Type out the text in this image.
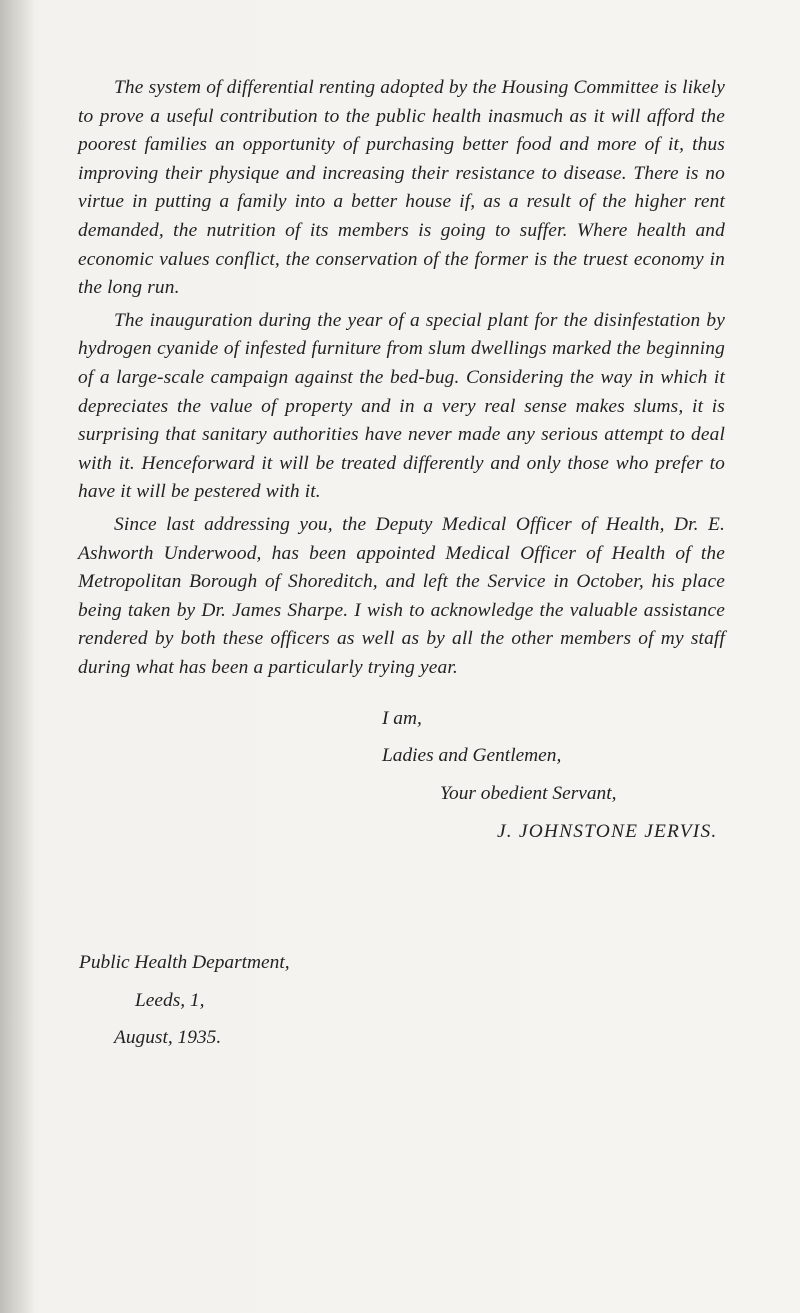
The system of differential renting adopted by the Housing Committee is likely to prove a useful contribution to the public health inasmuch as it will afford the poorest families an opportunity of purchasing better food and more of it, thus improving their physique and increasing their resistance to disease. There is no virtue in putting a family into a better house if, as a result of the higher rent demanded, the nutrition of its members is going to suffer. Where health and economic values conflict, the conservation of the former is the truest economy in the long run.

The inauguration during the year of a special plant for the disinfestation by hydrogen cyanide of infested furniture from slum dwellings marked the beginning of a large-scale campaign against the bed-bug. Considering the way in which it depreciates the value of property and in a very real sense makes slums, it is surprising that sanitary authorities have never made any serious attempt to deal with it. Henceforward it will be treated differently and only those who prefer to have it will be pestered with it.

Since last addressing you, the Deputy Medical Officer of Health, Dr. E. Ashworth Underwood, has been appointed Medical Officer of Health of the Metropolitan Borough of Shoreditch, and left the Service in October, his place being taken by Dr. James Sharpe. I wish to acknowledge the valuable assistance rendered by both these officers as well as by all the other members of my staff during what has been a particularly trying year.

I am,
Ladies and Gentlemen,
Your obedient Servant,
J. JOHNSTONE JERVIS.
Public Health Department,
Leeds, 1,
August, 1935.
